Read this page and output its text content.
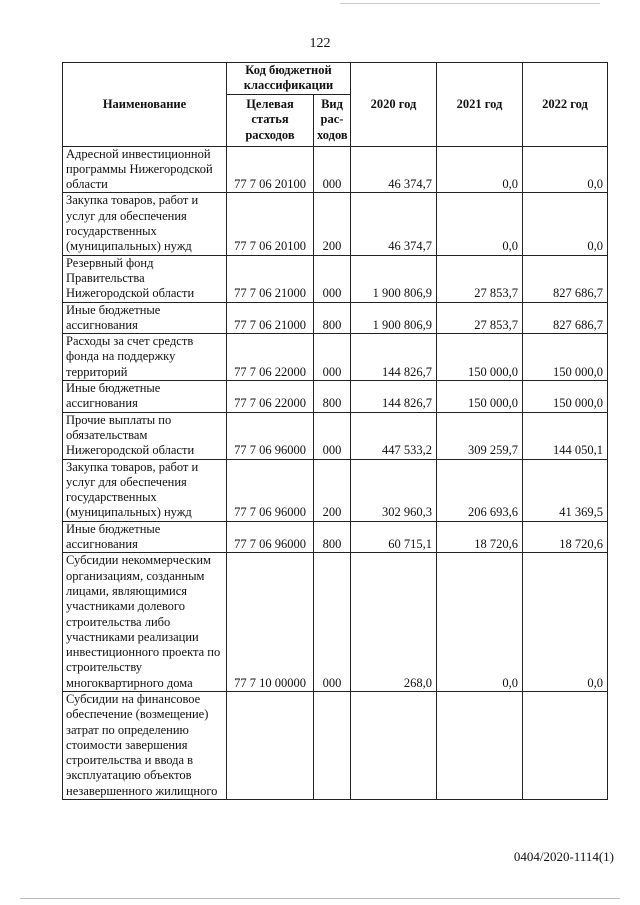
122
Наименование	Код бюджетной классификации		2020 год	2021 год	2022 год
	Целевая статья расходов	Вид рас-ходов			
Адресной инвестиционной программы Нижегородской области	77 7 06 20100	000	46 374,7	0,0	0,0
Закупка товаров, работ и услуг для обеспечения государственных (муниципальных) нужд	77 7 06 20100	200	46 374,7	0,0	0,0
Резервный фонд Правительства Нижегородской области	77 7 06 21000	000	1 900 806,9	27 853,7	827 686,7
Иные бюджетные ассигнования	77 7 06 21000	800	1 900 806,9	27 853,7	827 686,7
Расходы за счет средств фонда на поддержку территорий	77 7 06 22000	000	144 826,7	150 000,0	150 000,0
Иные бюджетные ассигнования	77 7 06 22000	800	144 826,7	150 000,0	150 000,0
Прочие выплаты по обязательствам Нижегородской области	77 7 06 96000	000	447 533,2	309 259,7	144 050,1
Закупка товаров, работ и услуг для обеспечения государственных (муниципальных) нужд	77 7 06 96000	200	302 960,3	206 693,6	41 369,5
Иные бюджетные ассигнования	77 7 06 96000	800	60 715,1	18 720,6	18 720,6
Субсидии некоммерческим организациям, созданным лицами, являющимися участниками долевого строительства либо участниками реализации инвестиционного проекта по строительству многоквартирного дома	77 7 10 00000	000	268,0	0,0	0,0
Субсидии на финансовое обеспечение (возмещение) затрат по определению стоимости завершения строительства и ввода в эксплуатацию объектов незавершенного жилищного					
0404/2020-1114(1)
